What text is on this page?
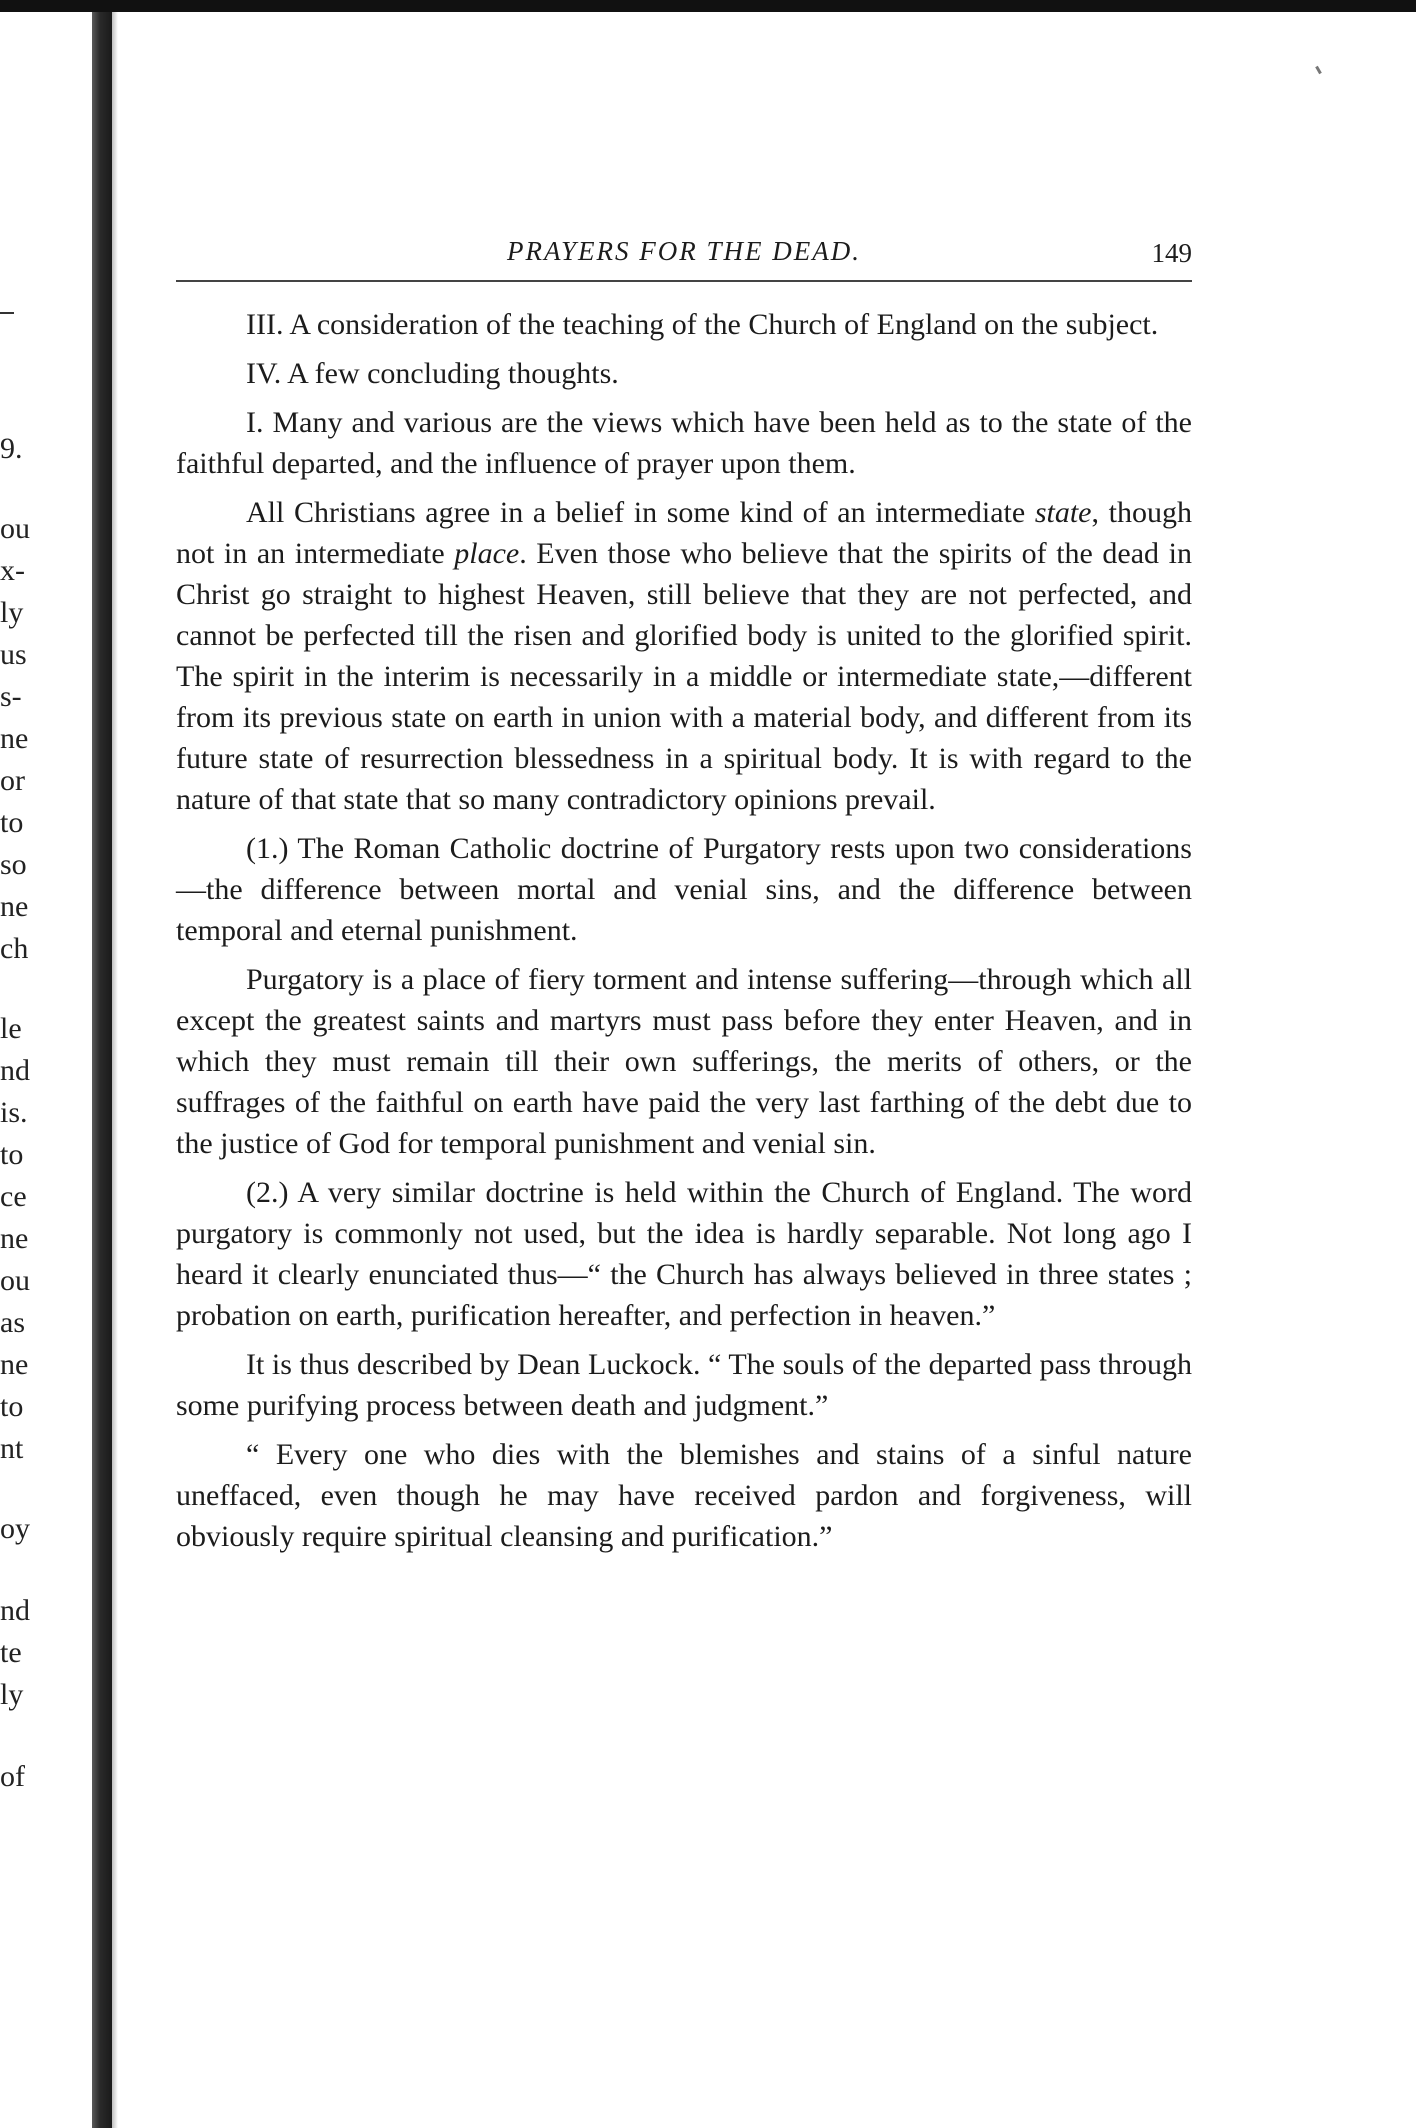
9.
ou
x-
ly
us
s-
ne
or
to
so
ne
ch
le
nd
is.
to
ce
ne
ou
as
ne
to
nt
oy
nd
te
ly
of
PRAYERS FOR THE DEAD.	149

III. A consideration of the teaching of the Church of England on the subject.

IV. A few concluding thoughts.

I. Many and various are the views which have been held as to the state of the faithful departed, and the influence of prayer upon them.

All Christians agree in a belief in some kind of an intermediate state, though not in an intermediate place. Even those who believe that the spirits of the dead in Christ go straight to highest Heaven, still believe that they are not perfected, and cannot be perfected till the risen and glorified body is united to the glorified spirit. The spirit in the interim is necessarily in a middle or intermediate state,—different from its previous state on earth in union with a material body, and different from its future state of resurrection blessedness in a spiritual body. It is with regard to the nature of that state that so many contradictory opinions prevail.

(1.) The Roman Catholic doctrine of Purgatory rests upon two considerations—the difference between mortal and venial sins, and the difference between temporal and eternal punishment.

Purgatory is a place of fiery torment and intense suffering—through which all except the greatest saints and martyrs must pass before they enter Heaven, and in which they must remain till their own sufferings, the merits of others, or the suffrages of the faithful on earth have paid the very last farthing of the debt due to the justice of God for temporal punishment and venial sin.

(2.) A very similar doctrine is held within the Church of England. The word purgatory is commonly not used, but the idea is hardly separable. Not long ago I heard it clearly enunciated thus—“ the Church has always believed in three states ; probation on earth, purification hereafter, and perfection in heaven.”

It is thus described by Dean Luckock. “ The souls of the departed pass through some purifying process between death and judgment.”

“ Every one who dies with the blemishes and stains of a sinful nature uneffaced, even though he may have received pardon and forgiveness, will obviously require spiritual cleansing and purification.”
